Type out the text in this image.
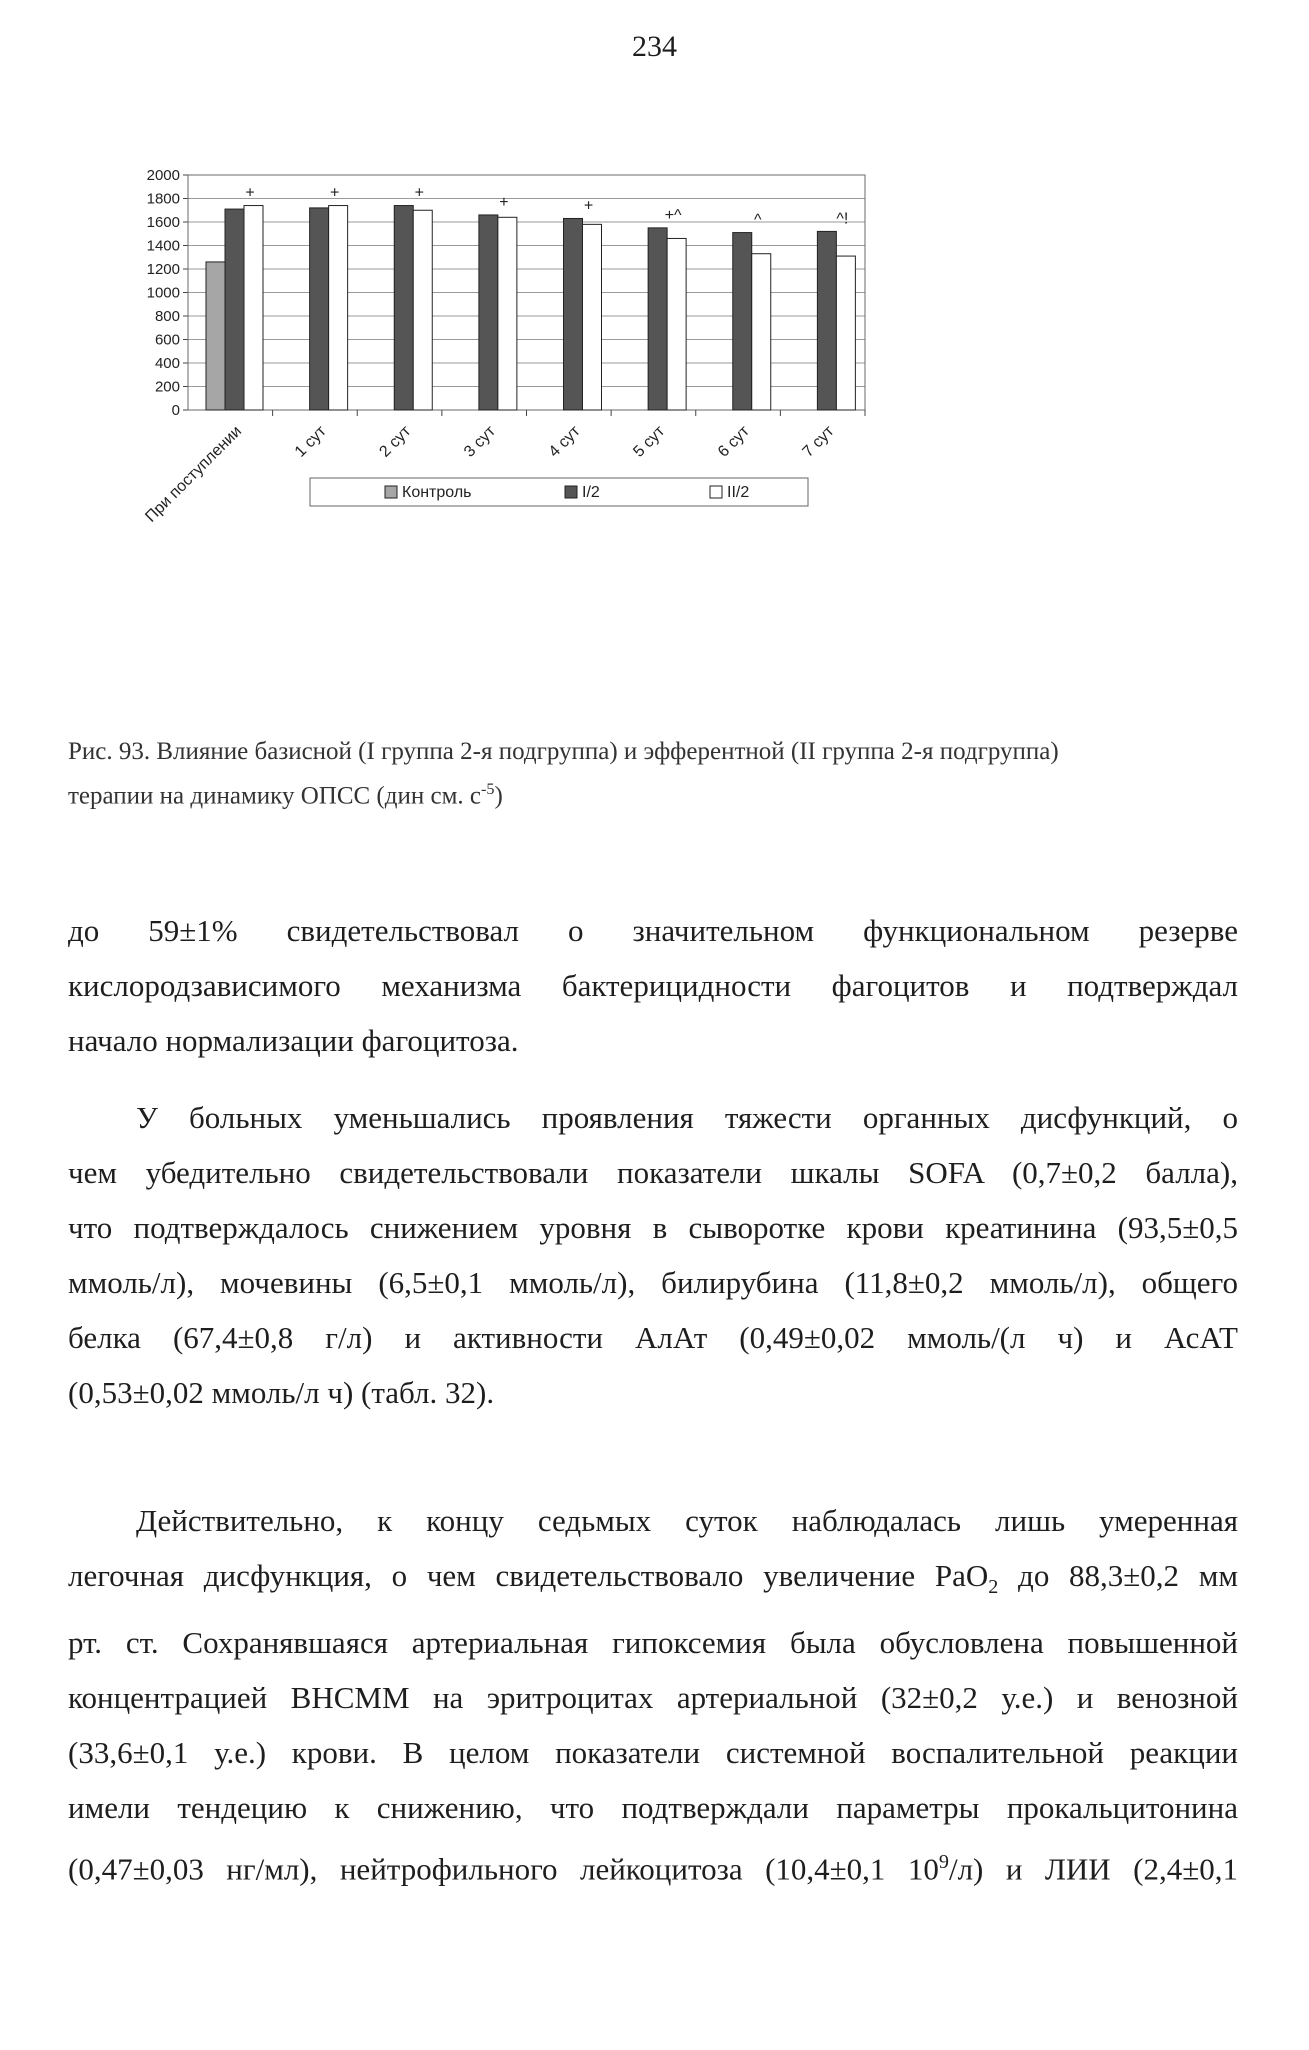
234
0
200
400
600
800
1000
1200
1400
1600
1800
2000
+
При поступлении
+
1 сут
+
2 сут
+
3 сут
+
4 сут
+^
5 сут
^
6 сут
^!
7 сут
Контроль	I/2	II/2
Рис. 93. Влияние базисной (I группа 2-я подгруппа) и эфферентной (II группа 2-я подгруппа)
терапии на динамику ОПСС (дин см. $с^{-5}$)
до 59±1% свидетельствовал о значительном функциональном резерве
кислородзависимого механизма бактерицидности фагоцитов и подтверждал
начало нормализации фагоцитоза.
У больных уменьшались проявления тяжести органных дисфункций, о
чем убедительно свидетельствовали показатели шкалы SOFA (0,7±0,2 балла),
что подтверждалось снижением уровня в сыворотке крови креатинина (93,5±0,5
ммоль/л), мочевины (6,5±0,1 ммоль/л), билирубина (11,8±0,2 ммоль/л), общего
белка (67,4±0,8 г/л) и активности АлАт (0,49±0,02 ммоль/(л ч) и АсАТ
(0,53±0,02 ммоль/л ч) (табл. 32).
Действительно, к концу седьмых суток наблюдалась лишь умеренная
легочная дисфункция, о чем свидетельствовало увеличение PaO$_2$ до 88,3±0,2 мм
рт. ст. Сохранявшаяся артериальная гипоксемия была обусловлена повышенной
концентрацией ВНСММ на эритроцитах артериальной (32±0,2 у.е.) и венозной
(33,6±0,1 у.е.) крови. В целом показатели системной воспалительной реакции
имели тендецию к снижению, что подтверждали параметры прокальцитонина
(0,47±0,03 нг/мл), нейтрофильного лейкоцитоза (10,4±0,1 $10^9/л$) и ЛИИ (2,4±0,1
